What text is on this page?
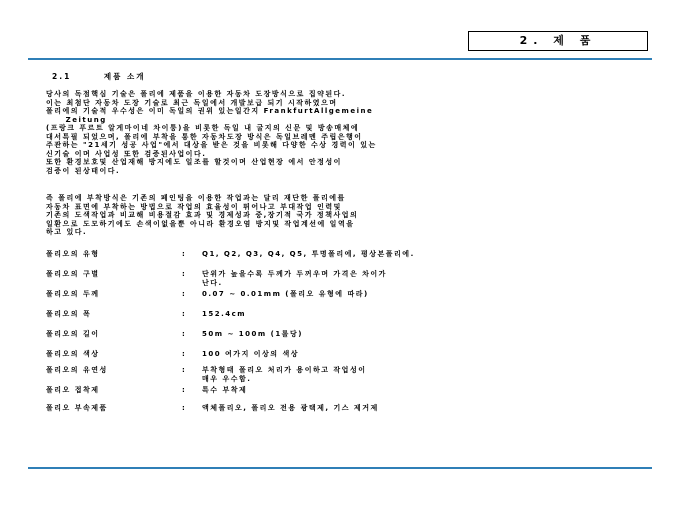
2. 제 품
2.1	제품 소개
당사의 독점핵심 기술은 폴리에 제품을 이용한 자동차 도장방식으로 집약된다.
이는 최첨단 자동차 도장 기술로 최근 독일에서 개발보급 되기 시작하였으며
폴리에의 기술적 우수성은 이미 독일의 권위 있는일간지 FrankfurtAllgemeine
Zeitung
(프랑크 푸르트 알게마이네 차이퉁)을 비롯한 독일 내 굴지의 신문 및 방송매체에
대서특필 되었으며, 폴리에 부착을 통한 자동차도장 방식은 독일브레멘 주립은행이
주관하는 "21세기 성공 사업"에서 대상을 받은 것을 비롯해 다양한 수상 경력이 있는
신기술 이며 사업성 또한 검증된사업이다.
또한 환경보호및 산업재해 방지에도 일조를 할것이며 산업현장 에서 안정성이
검증이 된상태이다.
즉 폴리에 부착방식은 기존의 페인팅을 이용한 작업과는 달리 재단한 폴리에를
자동차 표면에 부착하는 방법으로 작업의 효율성이 뛰어나고 부대작업 인력및
기존의 도색작업과 비교해 비용절감 효과 및 경제성과 중,장기적 국가 정책사업의
일환으로 도모하기에도 손색이없을뿐 아니라 환경오염 방지및 작업계선에 일역을
하고 있다.
폴리오의 유형	: Q1, Q2, Q3, Q4, Q5, 투명폴리에, 평상본폴리에.
폴리오의 구별	: 단위가 높을수록 두께가 두꺼우며 가격은 차이가
난다.
폴리오의 두께	: 0.07 ~ 0.01mm (폴리오 유형에 따라)
폴리오의 폭	: 152.4cm
폴리오의 길이	: 50m ~ 100m (1롤당)
폴리오의 색상	: 100 여가지 이상의 색상
폴리오의 유연성	: 부착형태 폴리오 처리가 용이하고 작업성이
매우 우수함.
폴리오 접착제	: 특수 부착제
폴리오 부속제품	: 액체폴리오, 폴리오 전용 광택제, 기스 제거제
